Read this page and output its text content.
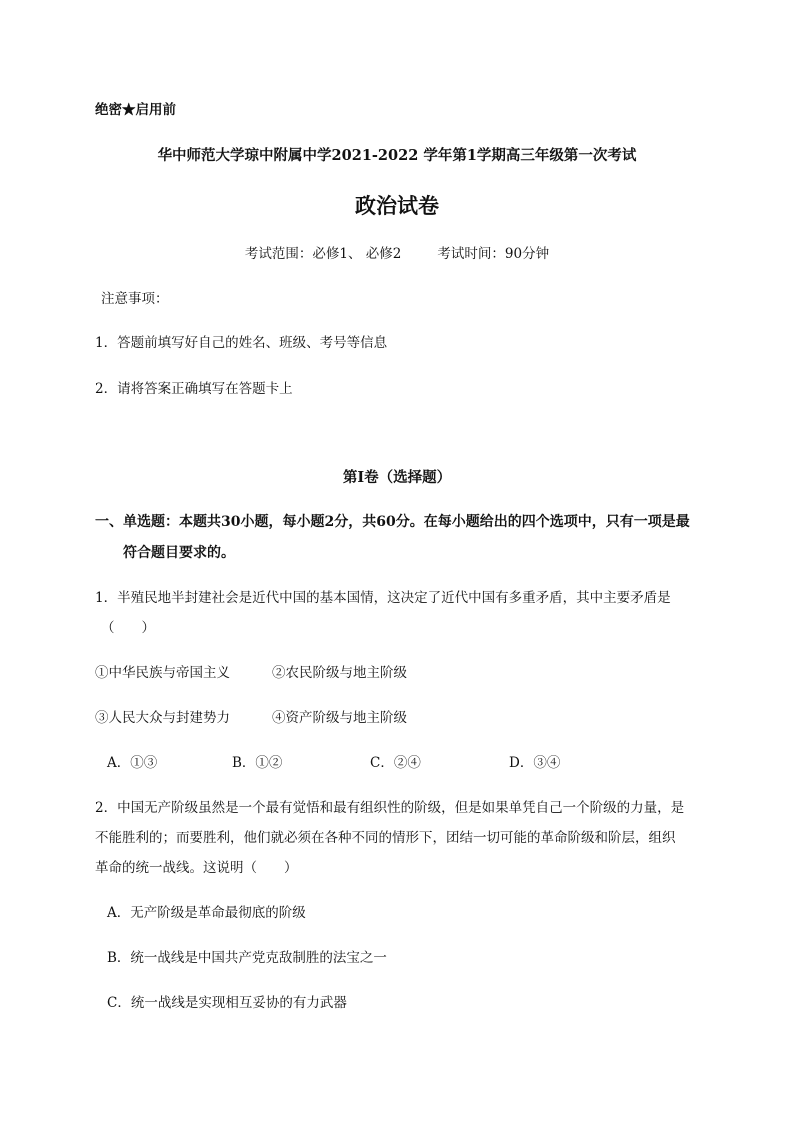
绝密★启用前
华中师范大学琼中附属中学2021-2022 学年第1学期高三年级第一次考试
政治试卷
考试范围：必修1、 必修2	考试时间：90分钟
注意事项：
1．答题前填写好自己的姓名、班级、考号等信息
2．请将答案正确填写在答题卡上
第I卷（选择题）
一、单选题：本题共30小题，每小题2分，共60分。在每小题给出的四个选项中，只有一项是最
符合题目要求的。
1．半殖民地半封建社会是近代中国的基本国情，这决定了近代中国有多重矛盾，其中主要矛盾是
（　　）
①中华民族与帝国主义	②农民阶级与地主阶级
③人民大众与封建势力	④资产阶级与地主阶级
A．①③	B．①②	C．②④	D．③④
2．中国无产阶级虽然是一个最有觉悟和最有组织性的阶级，但是如果单凭自己一个阶级的力量，是
不能胜利的；而要胜利，他们就必须在各种不同的情形下，团结一切可能的革命阶级和阶层，组织
革命的统一战线。这说明（　　）
A．无产阶级是革命最彻底的阶级
B．统一战线是中国共产党克敌制胜的法宝之一
C．统一战线是实现相互妥协的有力武器
